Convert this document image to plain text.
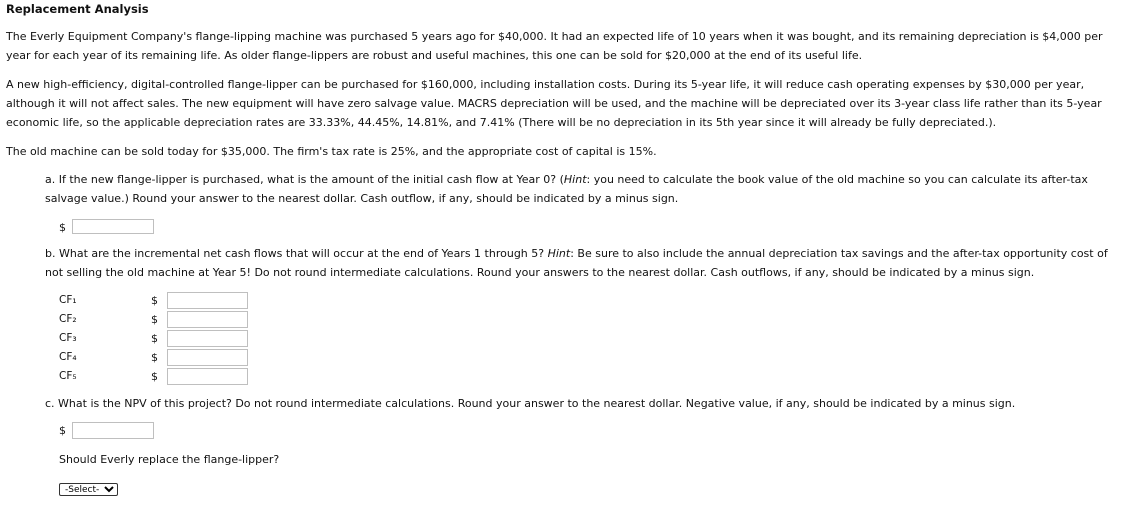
Replacement Analysis

The Everly Equipment Company's flange-lipping machine was purchased 5 years ago for $40,000. It had an expected life of 10 years when it was bought, and its remaining depreciation is $4,000 per year for each year of its remaining life. As older flange-lippers are robust and useful machines, this one can be sold for $20,000 at the end of its useful life.

A new high-efficiency, digital-controlled flange-lipper can be purchased for $160,000, including installation costs. During its 5-year life, it will reduce cash operating expenses by $30,000 per year, although it will not affect sales. The new equipment will have zero salvage value. MACRS depreciation will be used, and the machine will be depreciated over its 3-year class life rather than its 5-year economic life, so the applicable depreciation rates are 33.33%, 44.45%, 14.81%, and 7.41% (There will be no depreciation in its 5th year since it will already be fully depreciated.).

The old machine can be sold today for $35,000. The firm's tax rate is 25%, and the appropriate cost of capital is 15%.

a. If the new flange-lipper is purchased, what is the amount of the initial cash flow at Year 0? (Hint: you need to calculate the book value of the old machine so you can calculate its after-tax salvage value.) Round your answer to the nearest dollar. Cash outflow, if any, should be indicated by a minus sign.

$

b. What are the incremental net cash flows that will occur at the end of Years 1 through 5? Hint: Be sure to also include the annual depreciation tax savings and the after-tax opportunity cost of not selling the old machine at Year 5! Do not round intermediate calculations. Round your answers to the nearest dollar. Cash outflows, if any, should be indicated by a minus sign.

CF₁	$
CF₂	$
CF₃	$
CF₄	$
CF₅	$

c. What is the NPV of this project? Do not round intermediate calculations. Round your answer to the nearest dollar. Negative value, if any, should be indicated by a minus sign.

$
Should Everly replace the flange-lipper?
-Select-
